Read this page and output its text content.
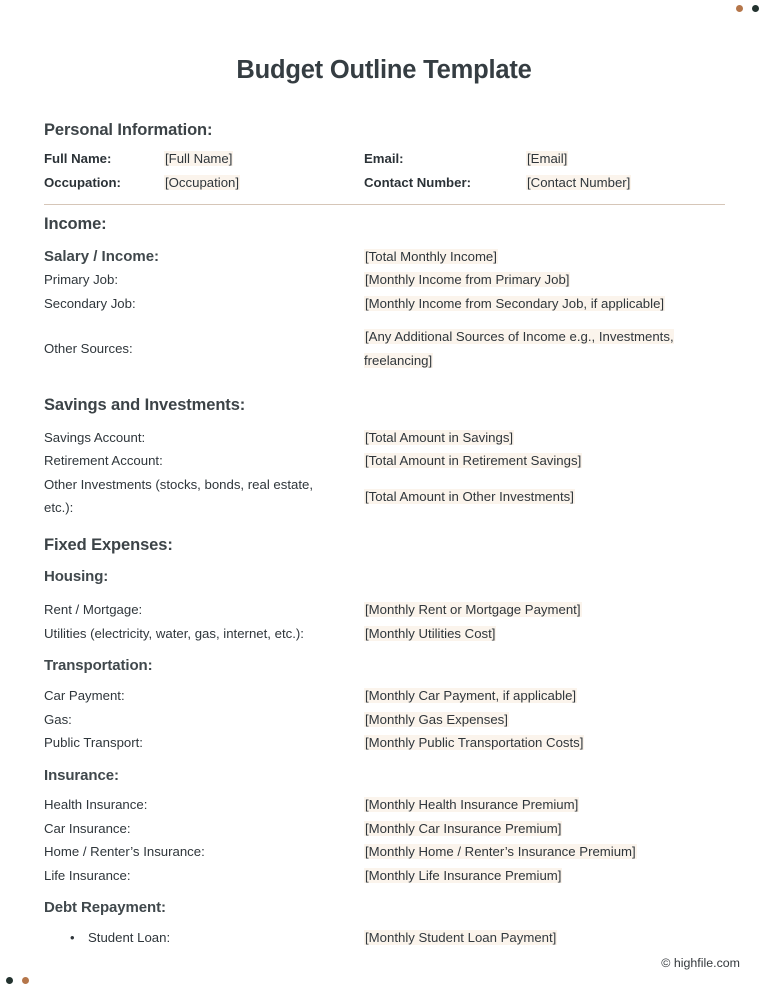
Budget Outline Template
Personal Information:
Full Name:	[Full Name]	Email:	[Email]
Occupation:	[Occupation]	Contact Number:	[Contact Number]
Income:
Salary / Income:	[Total Monthly Income]
Primary Job:	[Monthly Income from Primary Job]
Secondary Job:	[Monthly Income from Secondary Job, if applicable]
Other Sources:
[Any Additional Sources of Income e.g., Investments, freelancing]
Savings and Investments:
Savings Account:	[Total Amount in Savings]
Retirement Account:	[Total Amount in Retirement Savings]
Other Investments (stocks, bonds, real estate, etc.):
[Total Amount in Other Investments]
Fixed Expenses:
Housing:
Rent / Mortgage:	[Monthly Rent or Mortgage Payment]
Utilities (electricity, water, gas, internet, etc.):	[Monthly Utilities Cost]
Transportation:
Car Payment:	[Monthly Car Payment, if applicable]
Gas:	[Monthly Gas Expenses]
Public Transport:	[Monthly Public Transportation Costs]
Insurance:
Health Insurance:	[Monthly Health Insurance Premium]
Car Insurance:	[Monthly Car Insurance Premium]
Home / Renter’s Insurance:	[Monthly Home / Renter’s Insurance Premium]
Life Insurance:	[Monthly Life Insurance Premium]
Debt Repayment:
• Student Loan:	[Monthly Student Loan Payment]
© highfile.com
